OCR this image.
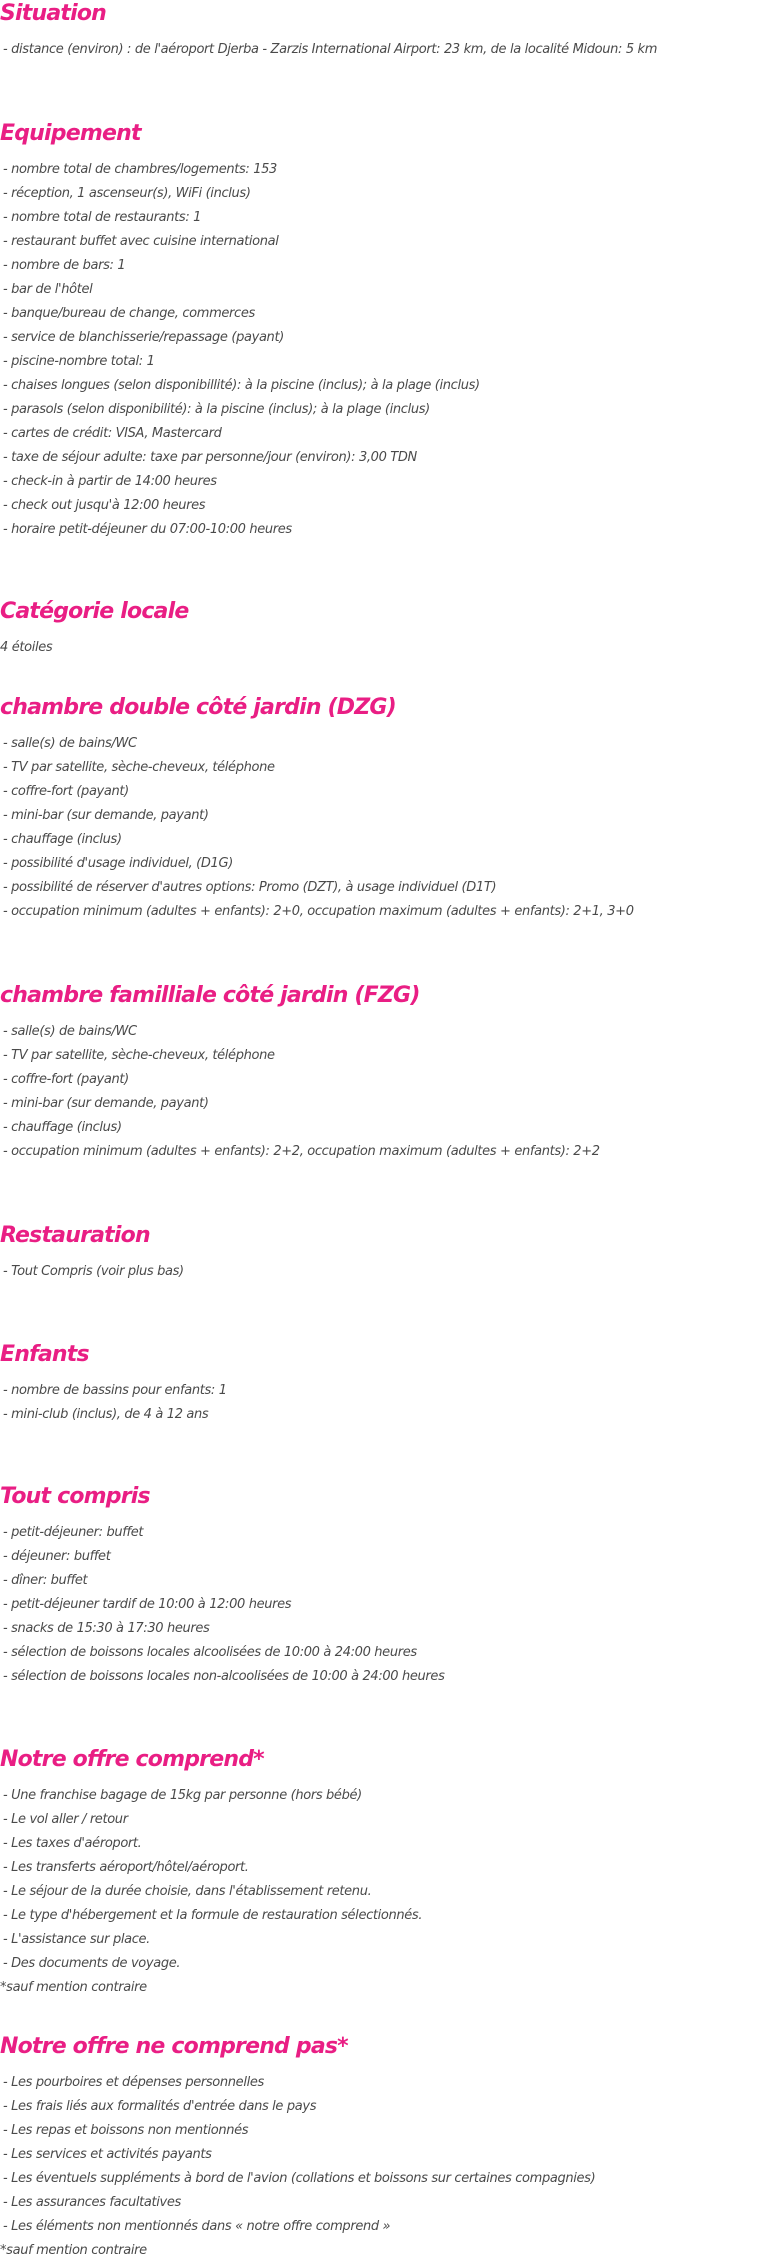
Situation
- distance (environ) : de l'aéroport Djerba - Zarzis International Airport: 23 km, de la localité Midoun: 5 km
Equipement
- nombre total de chambres/logements: 153
- réception, 1 ascenseur(s), WiFi (inclus)
- nombre total de restaurants: 1
- restaurant buffet avec cuisine international
- nombre de bars: 1
- bar de l'hôtel
- banque/bureau de change, commerces
- service de blanchisserie/repassage (payant)
- piscine-nombre total: 1
- chaises longues (selon disponibillité): à la piscine (inclus); à la plage (inclus)
- parasols (selon disponibilité): à la piscine (inclus); à la plage (inclus)
- cartes de crédit: VISA, Mastercard
- taxe de séjour adulte: taxe par personne/jour (environ): 3,00 TDN
- check-in à partir de 14:00 heures
- check out jusqu'à 12:00 heures
- horaire petit-déjeuner du 07:00-10:00 heures
Catégorie locale
4 étoiles
chambre double côté jardin (DZG)
- salle(s) de bains/WC
- TV par satellite, sèche-cheveux, téléphone
- coffre-fort (payant)
- mini-bar (sur demande, payant)
- chauffage (inclus)
- possibilité d'usage individuel, (D1G)
- possibilité de réserver d'autres options: Promo (DZT), à usage individuel (D1T)
- occupation minimum (adultes + enfants): 2+0, occupation maximum (adultes + enfants): 2+1, 3+0
chambre familliale côté jardin (FZG)
- salle(s) de bains/WC
- TV par satellite, sèche-cheveux, téléphone
- coffre-fort (payant)
- mini-bar (sur demande, payant)
- chauffage (inclus)
- occupation minimum (adultes + enfants): 2+2, occupation maximum (adultes + enfants): 2+2
Restauration
- Tout Compris (voir plus bas)
Enfants
- nombre de bassins pour enfants: 1
- mini-club (inclus), de 4 à 12 ans
Tout compris
- petit-déjeuner: buffet
- déjeuner: buffet
- dîner: buffet
- petit-déjeuner tardif de 10:00 à 12:00 heures
- snacks de 15:30 à 17:30 heures
- sélection de boissons locales alcoolisées de 10:00 à 24:00 heures
- sélection de boissons locales non-alcoolisées de 10:00 à 24:00 heures
Notre offre comprend*
- Une franchise bagage de 15kg par personne (hors bébé)
- Le vol aller / retour
- Les taxes d'aéroport.
- Les transferts aéroport/hôtel/aéroport.
- Le séjour de la durée choisie, dans l'établissement retenu.
- Le type d'hébergement et la formule de restauration sélectionnés.
- L'assistance sur place.
- Des documents de voyage.
*sauf mention contraire
Notre offre ne comprend pas*
- Les pourboires et dépenses personnelles
- Les frais liés aux formalités d'entrée dans le pays
- Les repas et boissons non mentionnés
- Les services et activités payants
- Les éventuels suppléments à bord de l'avion (collations et boissons sur certaines compagnies)
- Les assurances facultatives
- Les éléments non mentionnés dans « notre offre comprend »
*sauf mention contraire
